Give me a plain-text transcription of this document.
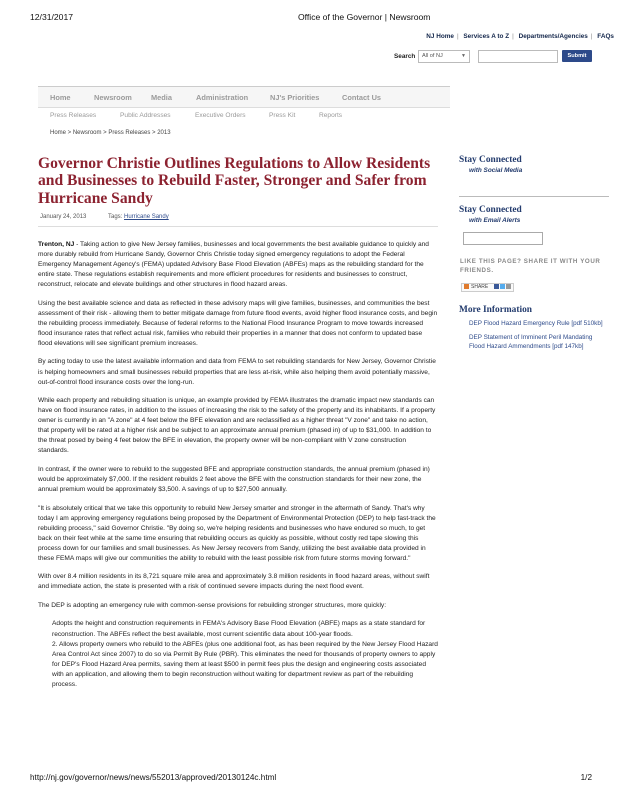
12/31/2017	Office of the Governor | Newsroom
NJ Home | Services A to Z | Departments/Agencies | FAQs
Search	All of NJ	▼	Submit
Home	Newsroom	Media	Administration	NJ's Priorities	Contact Us
Press Releases	Public Addresses	Executive Orders	Press Kit	Reports
Home > Newsroom > Press Releases > 2013
Governor Christie Outlines Regulations to Allow Residents and Businesses to Rebuild Faster, Stronger and Safer from Hurricane Sandy
January 24, 2013	Tags: Hurricane Sandy

Trenton, NJ - Taking action to give New Jersey families, businesses and local governments the best available guidance to quickly and more durably rebuild from Hurricane Sandy, Governor Chris Christie today signed emergency regulations to adopt the Federal Emergency Management Agency's (FEMA) updated Advisory Base Flood Elevation (ABFEs) maps as the rebuilding standard for the entire state. These regulations establish requirements and more efficient procedures for residents and businesses to construct, reconstruct, relocate and elevate buildings and other structures in flood hazard areas.

Using the best available science and data as reflected in these advisory maps will give families, businesses, and communities the best assessment of their risk - allowing them to better mitigate damage from future flood events, avoid higher flood insurance costs, and begin the rebuilding process immediately. Because of federal reforms to the National Flood Insurance Program to move towards increased flood insurance rates that reflect actual risk, families who rebuild their properties in a manner that does not conform to updated base flood elevations will see significant premium increases.

By acting today to use the latest available information and data from FEMA to set rebuilding standards for New Jersey, Governor Christie is helping homeowners and small businesses rebuild properties that are less at-risk, while also helping them avoid potentially massive, out-of-control flood insurance costs over the long-run.

While each property and rebuilding situation is unique, an example provided by FEMA illustrates the dramatic impact new standards can have on flood insurance rates, in addition to the issues of increasing the risk to the safety of the property and its inhabitants. If a property owner is currently in an "A zone" at 4 feet below the BFE elevation and are reclassified as a higher threat "V zone" and take no action, that property will be rated at a higher risk and be subject to an approximate annual premium (phased in) of up to $31,000. In addition to the threat posed by being 4 feet below the BFE in elevation, the property owner will be non-compliant with V zone construction standards.

In contrast, if the owner were to rebuild to the suggested BFE and appropriate construction standards, the annual premium (phased in) would be approximately $7,000. If the resident rebuilds 2 feet above the BFE with the construction standards for their new zone, the annual premium would be approximately $3,500. A savings of up to $27,500 annually.

"It is absolutely critical that we take this opportunity to rebuild New Jersey smarter and stronger in the aftermath of Sandy. That's why today I am approving emergency regulations being proposed by the Department of Environmental Protection (DEP) to help fast-track the rebuilding process," said Governor Christie. "By doing so, we're helping residents and businesses who have endured so much, to get back on their feet while at the same time ensuring that rebuilding occurs as quickly as possible, without costly red tape slowing this process down for our families and small businesses. As New Jersey recovers from Sandy, utilizing the best available data provided in these FEMA maps will give our communities the ability to rebuild with the least possible risk from future storms moving forward."

With over 8.4 million residents in its 8,721 square mile area and approximately 3.8 million residents in flood hazard areas, without swift and immediate action, the state is presented with a risk of continued severe impacts during the next flood event.

The DEP is adopting an emergency rule with common-sense provisions for rebuilding stronger structures, more quickly:

Adopts the height and construction requirements in FEMA's Advisory Base Flood Elevation (ABFE) maps as a state standard for reconstruction. The ABFEs reflect the best available, most current scientific data about 100-year floods.

2. Allows property owners who rebuild to the ABFEs (plus one additional foot, as has been required by the New Jersey Flood Hazard Area Control Act since 2007) to do so via Permit By Rule (PBR). This eliminates the need for thousands of property owners to apply for DEP's Flood Hazard Area permits, saving them at least $500 in permit fees plus the design and engineering costs associated with an application, and allowing them to begin reconstruction without waiting for department review as part of the rebuilding process.

Stay Connected
with Social Media
Stay Connected
with Email Alerts
LIKE THIS PAGE? SHARE IT WITH YOUR FRIENDS.
SHARE
More Information
DEP Flood Hazard Emergency Rule [pdf 510kb]
DEP Statement of Imminent Peril Mandating Flood Hazard Ammendments [pdf 147kb]
http://nj.gov/governor/news/news/552013/approved/20130124c.html	1/2
